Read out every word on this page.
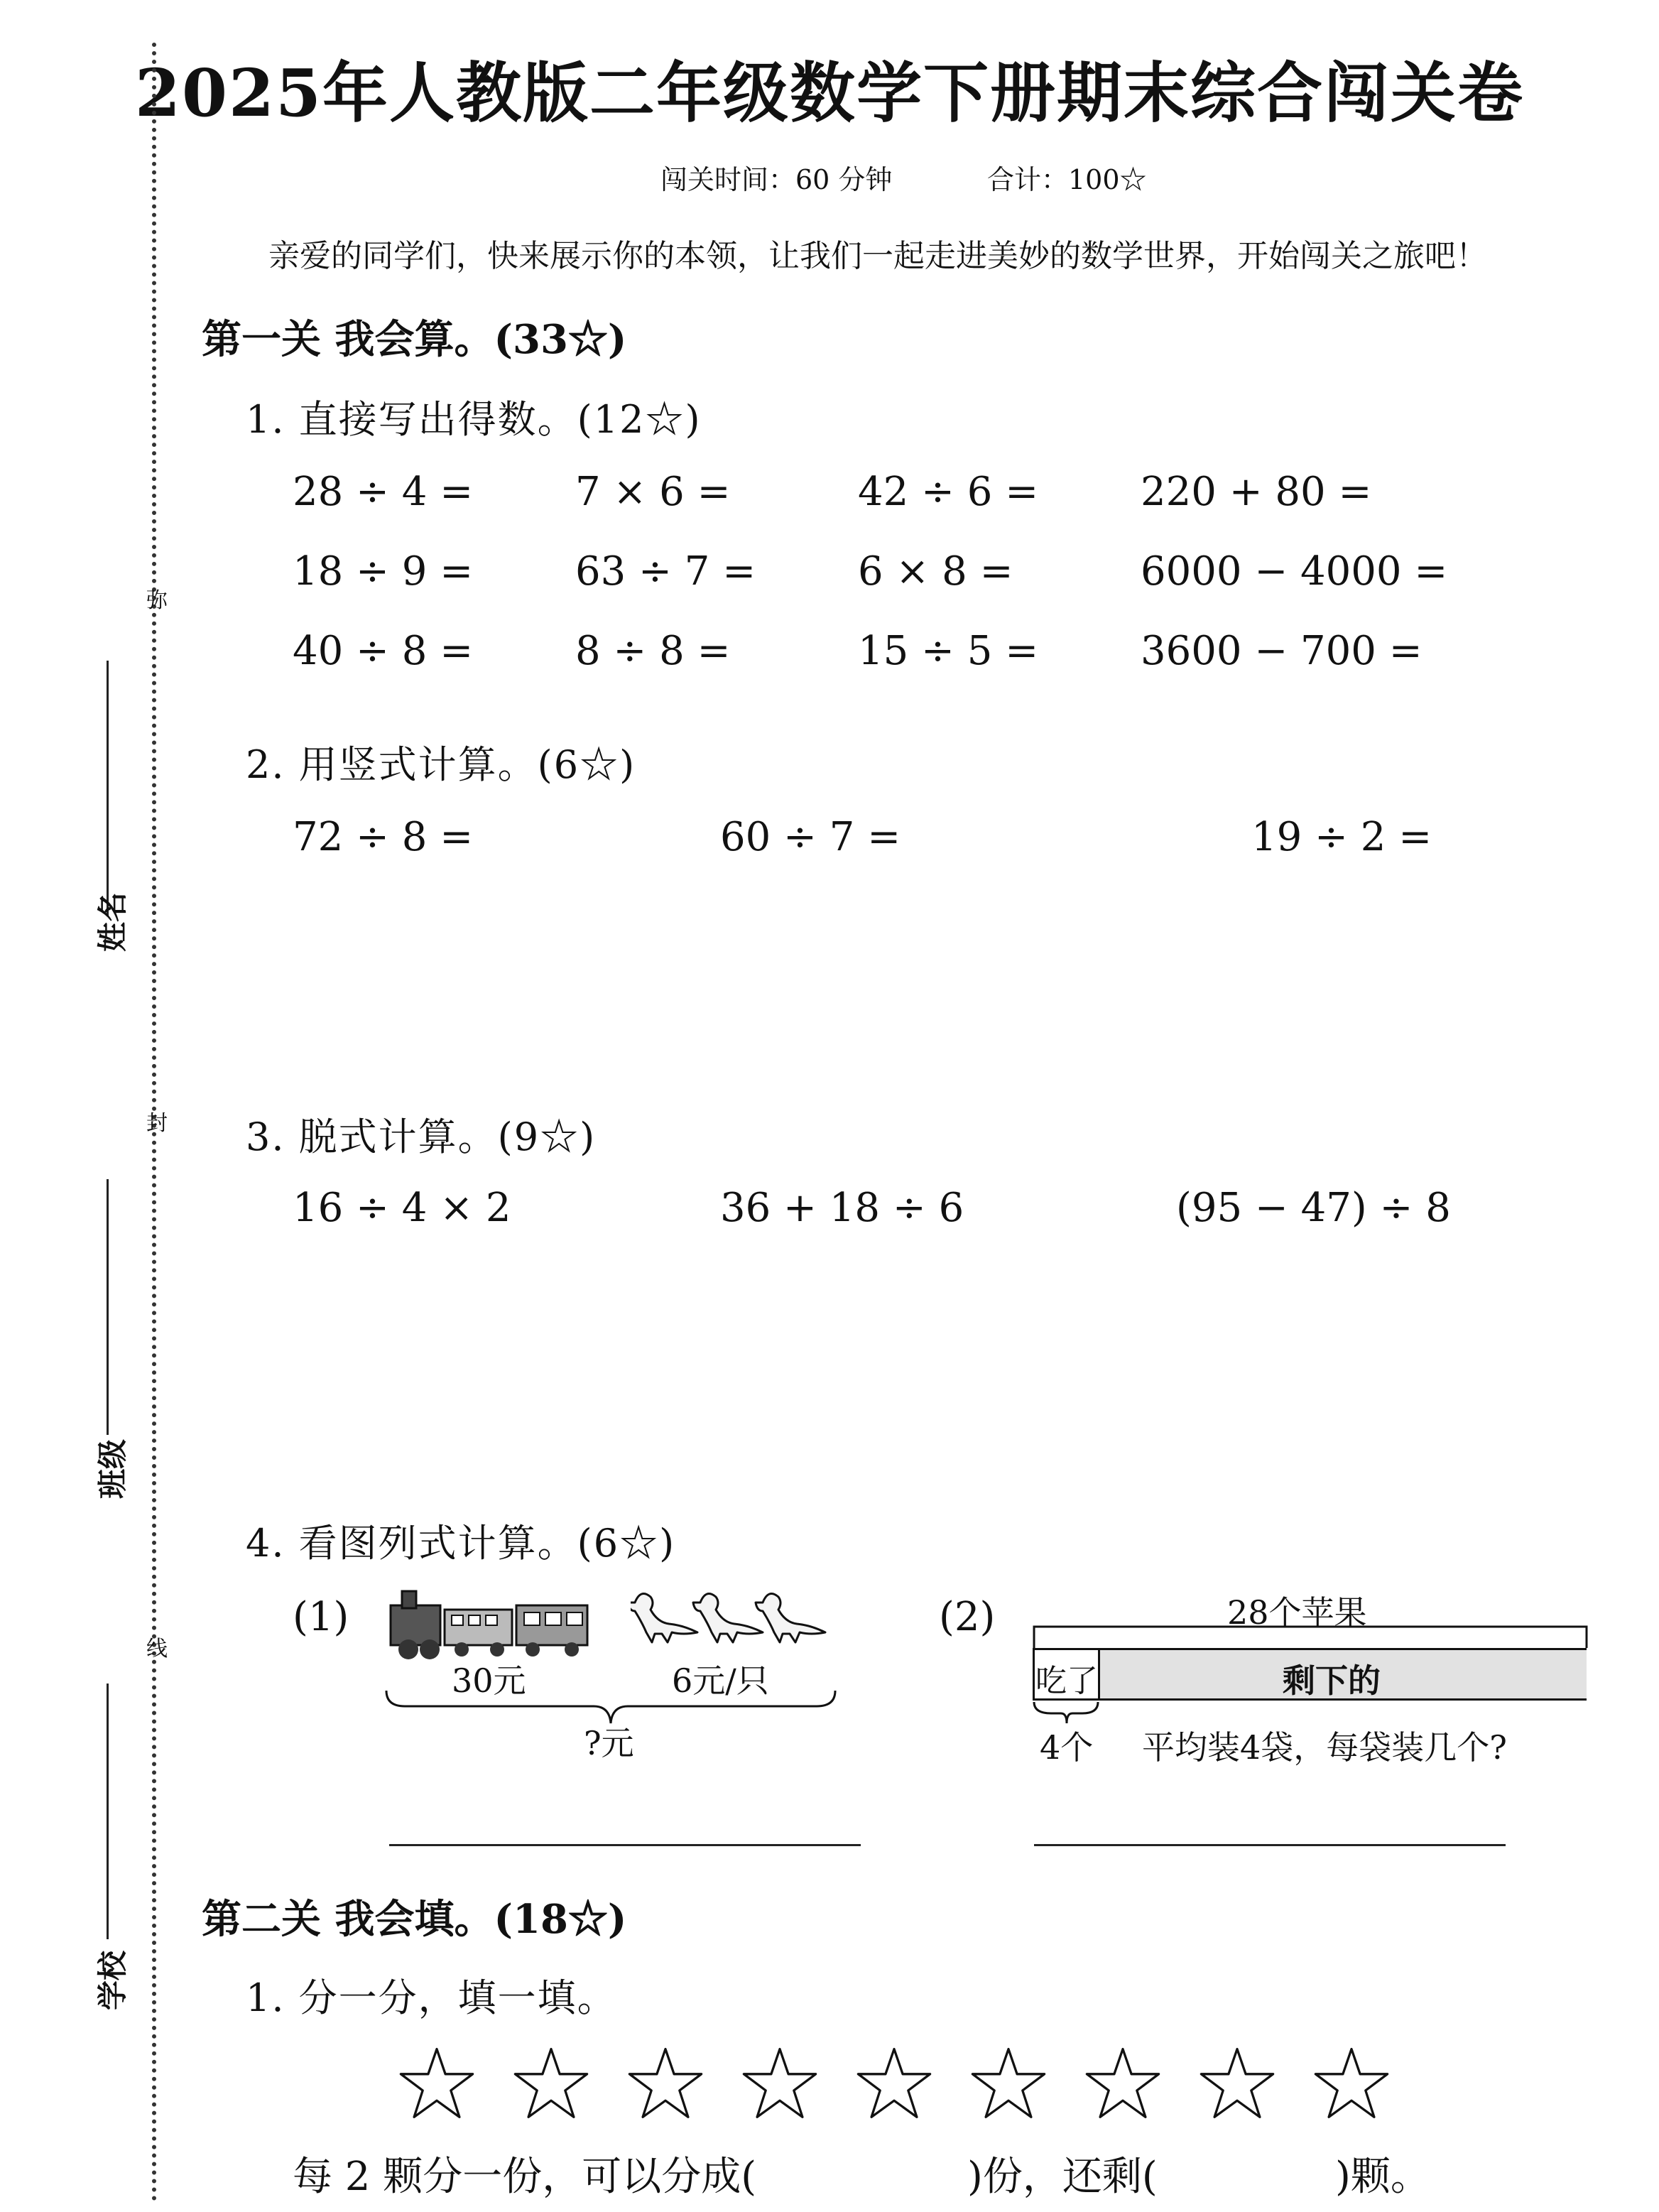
2025年人教版二年级数学下册期末综合闯关卷
闯关时间：60 分钟	合计：100☆
亲爱的同学们，快来展示你的本领，让我们一起走进美妙的数学世界，开始闯关之旅吧！
弥
封
线
姓名
班级
学校
第一关 我会算。(33☆)
1. 直接写出得数。(12☆)
28 ÷ 4 =	7 × 6 =	42 ÷ 6 =	220 + 80 =
18 ÷ 9 =	63 ÷ 7 =	6 × 8 =	6000 − 4000 =
40 ÷ 8 =	8 ÷ 8 =	15 ÷ 5 =	3600 − 700 =
2. 用竖式计算。(6☆)
72 ÷ 8 =	60 ÷ 7 =	19 ÷ 2 =
3. 脱式计算。(9☆)
16 ÷ 4 × 2	36 + 18 ÷ 6	(95 − 47) ÷ 8
4. 看图列式计算。(6☆)
(1)
30元	6元/只
?元
(2)	28个苹果
吃了	剩下的
4个 平均装4袋，每袋装几个?
第二关 我会填。(18☆)
1. 分一分，填一填。
每 2 颗分一份，可以分成(	)份，还剩(	)颗。
